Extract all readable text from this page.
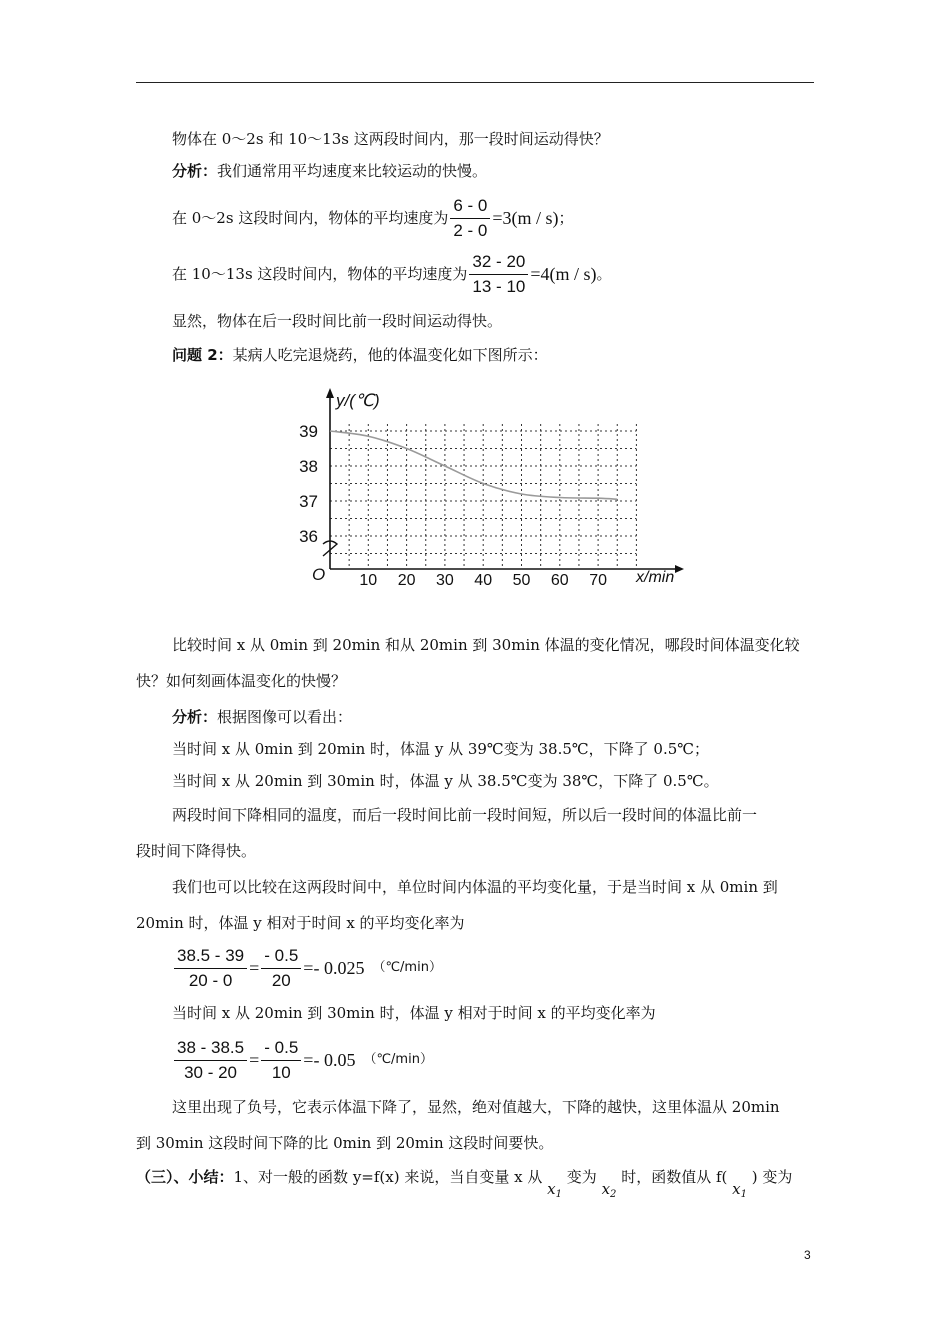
物体在 0～2s 和 10～13s 这两段时间内，那一段时间运动得快？
分析：我们通常用平均速度来比较运动的快慢。
在 0～2s 这段时间内，物体的平均速度为 $\frac{6 - 0}{2 - 0} =3(m / s)$ ；
在 10～13s 这段时间内，物体的平均速度为 $\frac{32 - 20}{13 - 10} =4(m / s)$ 。
显然，物体在后一段时间比前一段时间运动得快。
问题 2：某病人吃完退烧药，他的体温变化如下图所示：
10 20 30 40 50 60 70
39
38
37
36
O
y/(℃)
x/min
比较时间 x 从 0min 到 20min 和从 20min 到 30min 体温的变化情况，哪段时间体温变化较
快？如何刻画体温变化的快慢？
分析：根据图像可以看出：
当时间 x 从 0min 到 20min 时，体温 y 从 39℃变为 38.5℃，下降了 0.5℃；
当时间 x 从 20min 到 30min 时，体温 y 从 38.5℃变为 38℃，下降了 0.5℃。
两段时间下降相同的温度，而后一段时间比前一段时间短，所以后一段时间的体温比前一
段时间下降得快。
我们也可以比较在这两段时间中，单位时间内体温的平均变化量，于是当时间 x 从 0min 到
20min 时，体温 y 相对于时间 x 的平均变化率为
$\frac{38.5 - 39}{20 - 0} = \frac{- 0.5}{20} =- 0.025$ （℃/min）
当时间 x 从 20min 到 30min 时，体温 y 相对于时间 x 的平均变化率为
$\frac{38 - 38.5}{30 - 20} = \frac{- 0.5}{10} =- 0.05$ （℃/min）
这里出现了负号，它表示体温下降了，显然，绝对值越大，下降的越快，这里体温从 20min
到 30min 这段时间下降的比 0min 到 20min 这段时间要快。
（三）、小结：1、对一般的函数 y=f(x) 来说，当自变量 x 从 $x_1$ 变为 $x_2$ 时，函数值从 f( $x_1$ ) 变为
3
